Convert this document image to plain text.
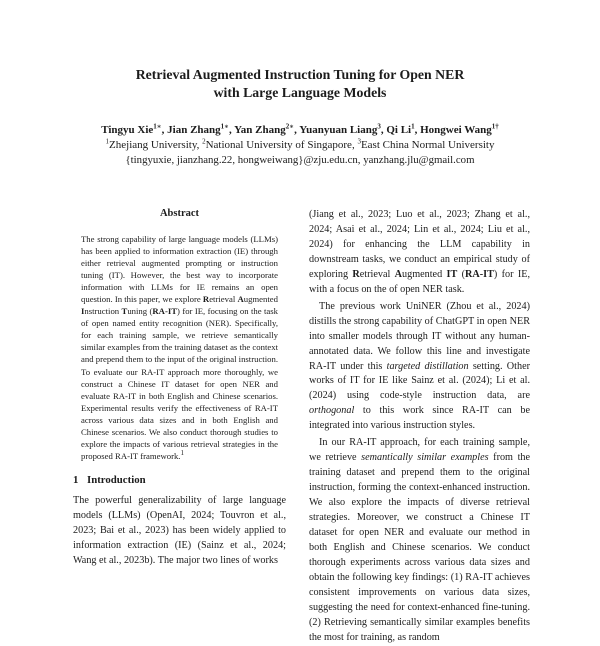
Retrieval Augmented Instruction Tuning for Open NER
with Large Language Models
Tingyu Xie$^{1∗}$, Jian Zhang$^{1∗}$, Yan Zhang$^{2∗}$, Yuanyuan Liang$^3$, Qi Li$^1$, Hongwei Wang$^{1\dagger}$
$^1$Zhejiang University, $^2$National University of Singapore, $^3$East China Normal University
{tingyuxie, jianzhang.22, hongweiwang}@zju.edu.cn, yanzhang.jlu@gmail.com
Abstract
The strong capability of large language models (LLMs) has been applied to information extraction (IE) through either retrieval augmented prompting or instruction tuning (IT). However, the best way to incorporate information with LLMs for IE remains an open question. In this paper, we explore Retrieval Augmented Instruction Tuning (RA-IT) for IE, focusing on the task of open named entity recognition (NER). Specifically, for each training sample, we retrieve semantically similar examples from the training dataset as the context and prepend them to the input of the original instruction. To evaluate our RA-IT approach more thoroughly, we construct a Chinese IT dataset for open NER and evaluate RA-IT in both English and Chinese scenarios. Experimental results verify the effectiveness of RA-IT across various data sizes and in both English and Chinese scenarios. We also conduct thorough studies to explore the impacts of various retrieval strategies in the proposed RA-IT framework.$^1$
1 Introduction

The powerful generalizability of large language models (LLMs) (OpenAI, 2024; Touvron et al., 2023; Bai et al., 2023) has been widely applied to information extraction (IE) (Sainz et al., 2024; Wang et al., 2023b). The major two lines of works

(Jiang et al., 2023; Luo et al., 2023; Zhang et al., 2024; Asai et al., 2024; Lin et al., 2024; Liu et al., 2024) for enhancing the LLM capability in downstream tasks, we conduct an empirical study of exploring Retrieval Augmented IT (RA-IT) for IE, with a focus on the of open NER task.

The previous work UniNER (Zhou et al., 2024) distills the strong capability of ChatGPT in open NER into smaller models through IT without any human-annotated data. We follow this line and investigate RA-IT under this targeted distillation setting. Other works of IT for IE like Sainz et al. (2024); Li et al. (2024) using code-style instruction data, are orthogonal to this work since RA-IT can be integrated into various instruction styles.

In our RA-IT approach, for each training sample, we retrieve semantically similar examples from the training dataset and prepend them to the original instruction, forming the context-enhanced instruction. We also explore the impacts of diverse retrieval strategies. Moreover, we construct a Chinese IT dataset for open NER and evaluate our method in both English and Chinese scenarios. We conduct thorough experiments across various data sizes and obtain the following key findings: (1) RA-IT achieves consistent improvements on various data sizes, suggesting the need for context-enhanced fine-tuning. (2) Retrieving semantically similar examples benefits the most for training, as random
